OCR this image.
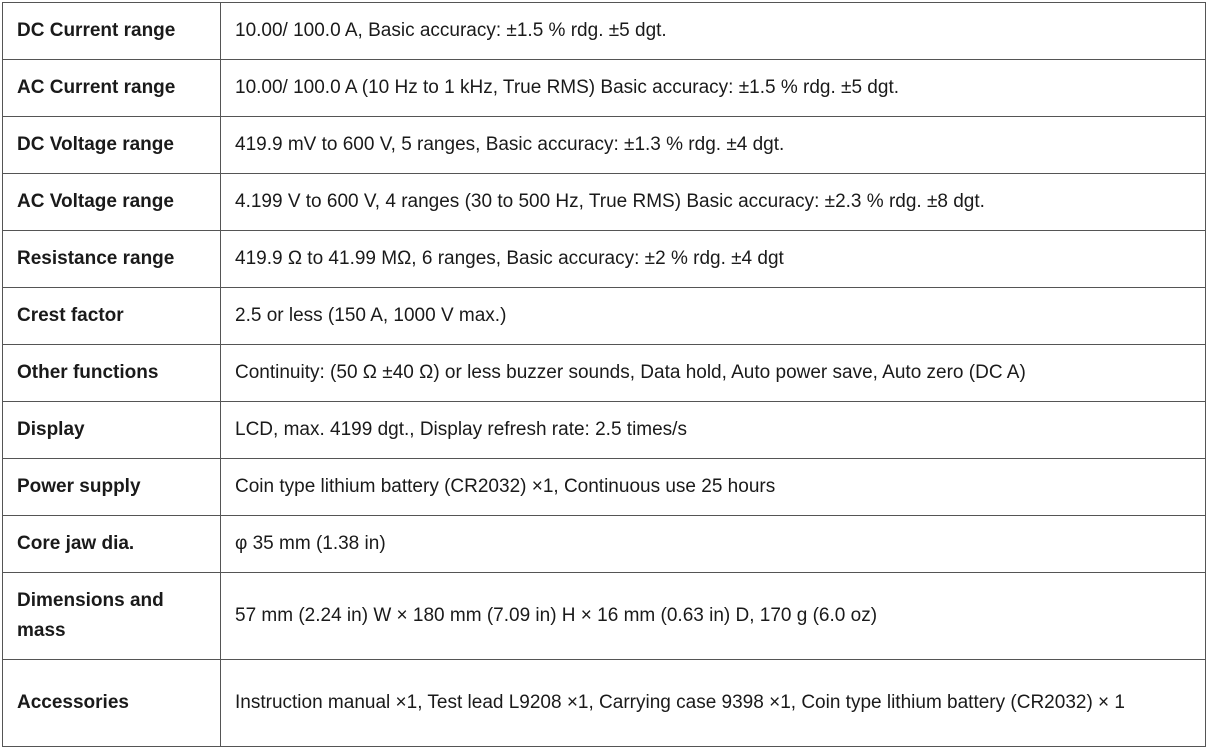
DC Current range	10.00/ 100.0 A, Basic accuracy: ±1.5 % rdg. ±5 dgt.
AC Current range	10.00/ 100.0 A (10 Hz to 1 kHz, True RMS) Basic accuracy: ±1.5 % rdg. ±5 dgt.
DC Voltage range	419.9 mV to 600 V, 5 ranges, Basic accuracy: ±1.3 % rdg. ±4 dgt.
AC Voltage range	4.199 V to 600 V, 4 ranges (30 to 500 Hz, True RMS) Basic accuracy: ±2.3 % rdg. ±8 dgt.
Resistance range	419.9 Ω to 41.99 MΩ, 6 ranges, Basic accuracy: ±2 % rdg. ±4 dgt
Crest factor	2.5 or less (150 A, 1000 V max.)
Other functions	Continuity: (50 Ω ±40 Ω) or less buzzer sounds, Data hold, Auto power save, Auto zero (DC A)
Display	LCD, max. 4199 dgt., Display refresh rate: 2.5 times/s
Power supply	Coin type lithium battery (CR2032) ×1, Continuous use 25 hours
Core jaw dia.	φ 35 mm (1.38 in)
Dimensions and mass	57 mm (2.24 in) W × 180 mm (7.09 in) H × 16 mm (0.63 in) D, 170 g (6.0 oz)
Accessories	Instruction manual ×1, Test lead L9208 ×1, Carrying case 9398 ×1, Coin type lithium battery (CR2032) × 1
